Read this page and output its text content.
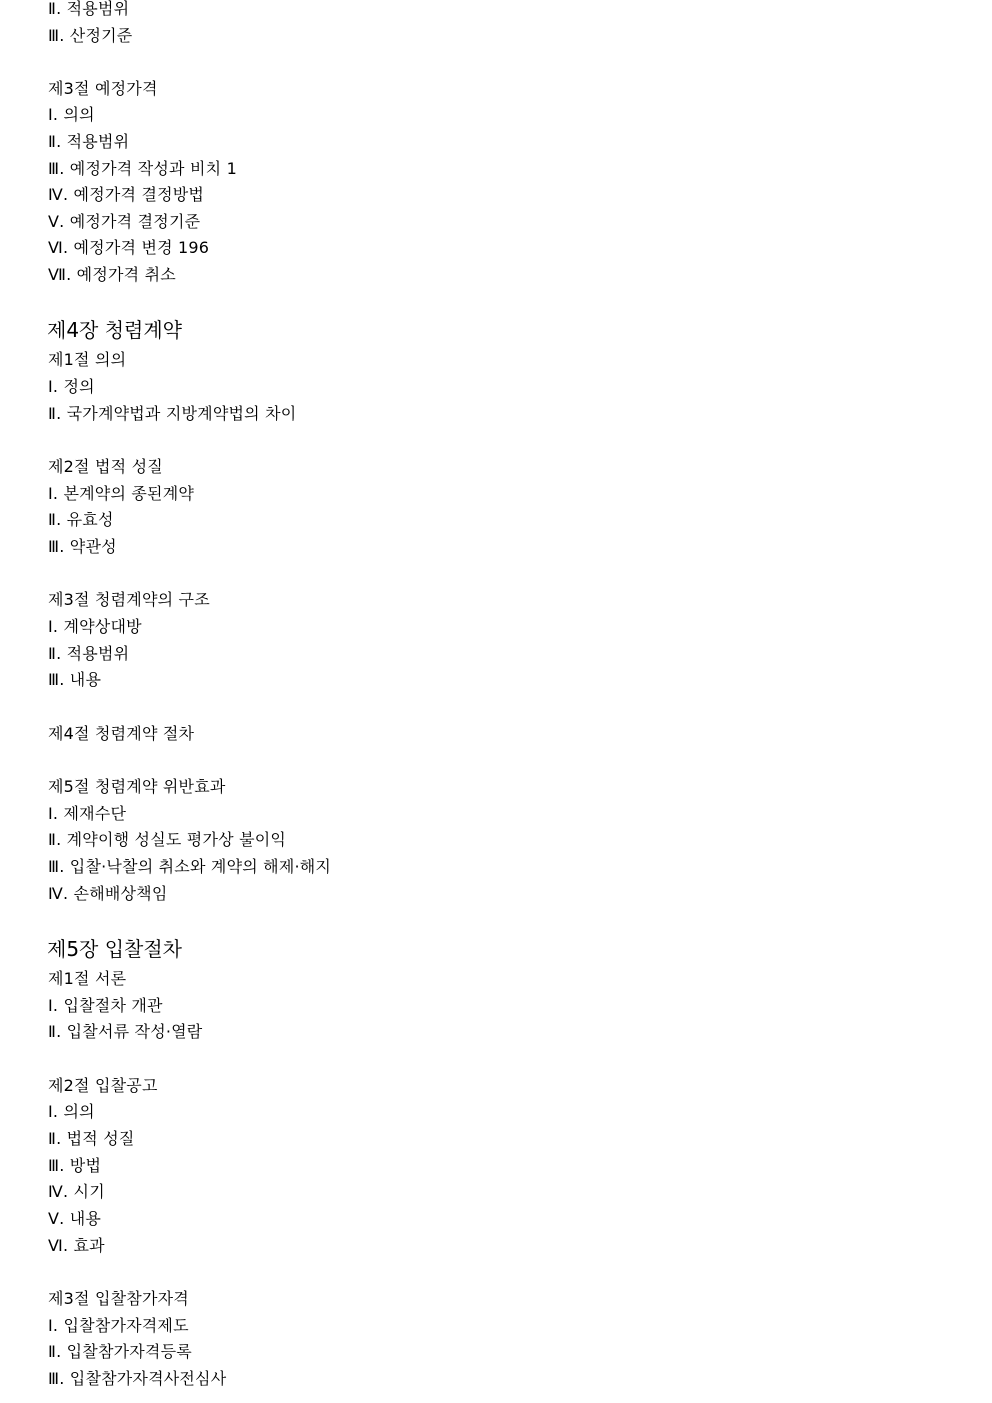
Ⅱ. 적용범위
Ⅲ. 산정기준
제3절 예정가격
Ⅰ. 의의
Ⅱ. 적용범위
Ⅲ. 예정가격 작성과 비치 1
Ⅳ. 예정가격 결정방법
Ⅴ. 예정가격 결정기준
Ⅵ. 예정가격 변경 196
Ⅶ. 예정가격 취소
제4장 청렴계약
제1절 의의
Ⅰ. 정의
Ⅱ. 국가계약법과 지방계약법의 차이
제2절 법적 성질
Ⅰ. 본계약의 종된계약
Ⅱ. 유효성
Ⅲ. 약관성
제3절 청렴계약의 구조
Ⅰ. 계약상대방
Ⅱ. 적용범위
Ⅲ. 내용
제4절 청렴계약 절차
제5절 청렴계약 위반효과
Ⅰ. 제재수단
Ⅱ. 계약이행 성실도 평가상 불이익
Ⅲ. 입찰·낙찰의 취소와 계약의 해제·해지
Ⅳ. 손해배상책임
제5장 입찰절차
제1절 서론
Ⅰ. 입찰절차 개관
Ⅱ. 입찰서류 작성·열람
제2절 입찰공고
Ⅰ. 의의
Ⅱ. 법적 성질
Ⅲ. 방법
Ⅳ. 시기
Ⅴ. 내용
Ⅵ. 효과
제3절 입찰참가자격
Ⅰ. 입찰참가자격제도
Ⅱ. 입찰참가자격등록
Ⅲ. 입찰참가자격사전심사
